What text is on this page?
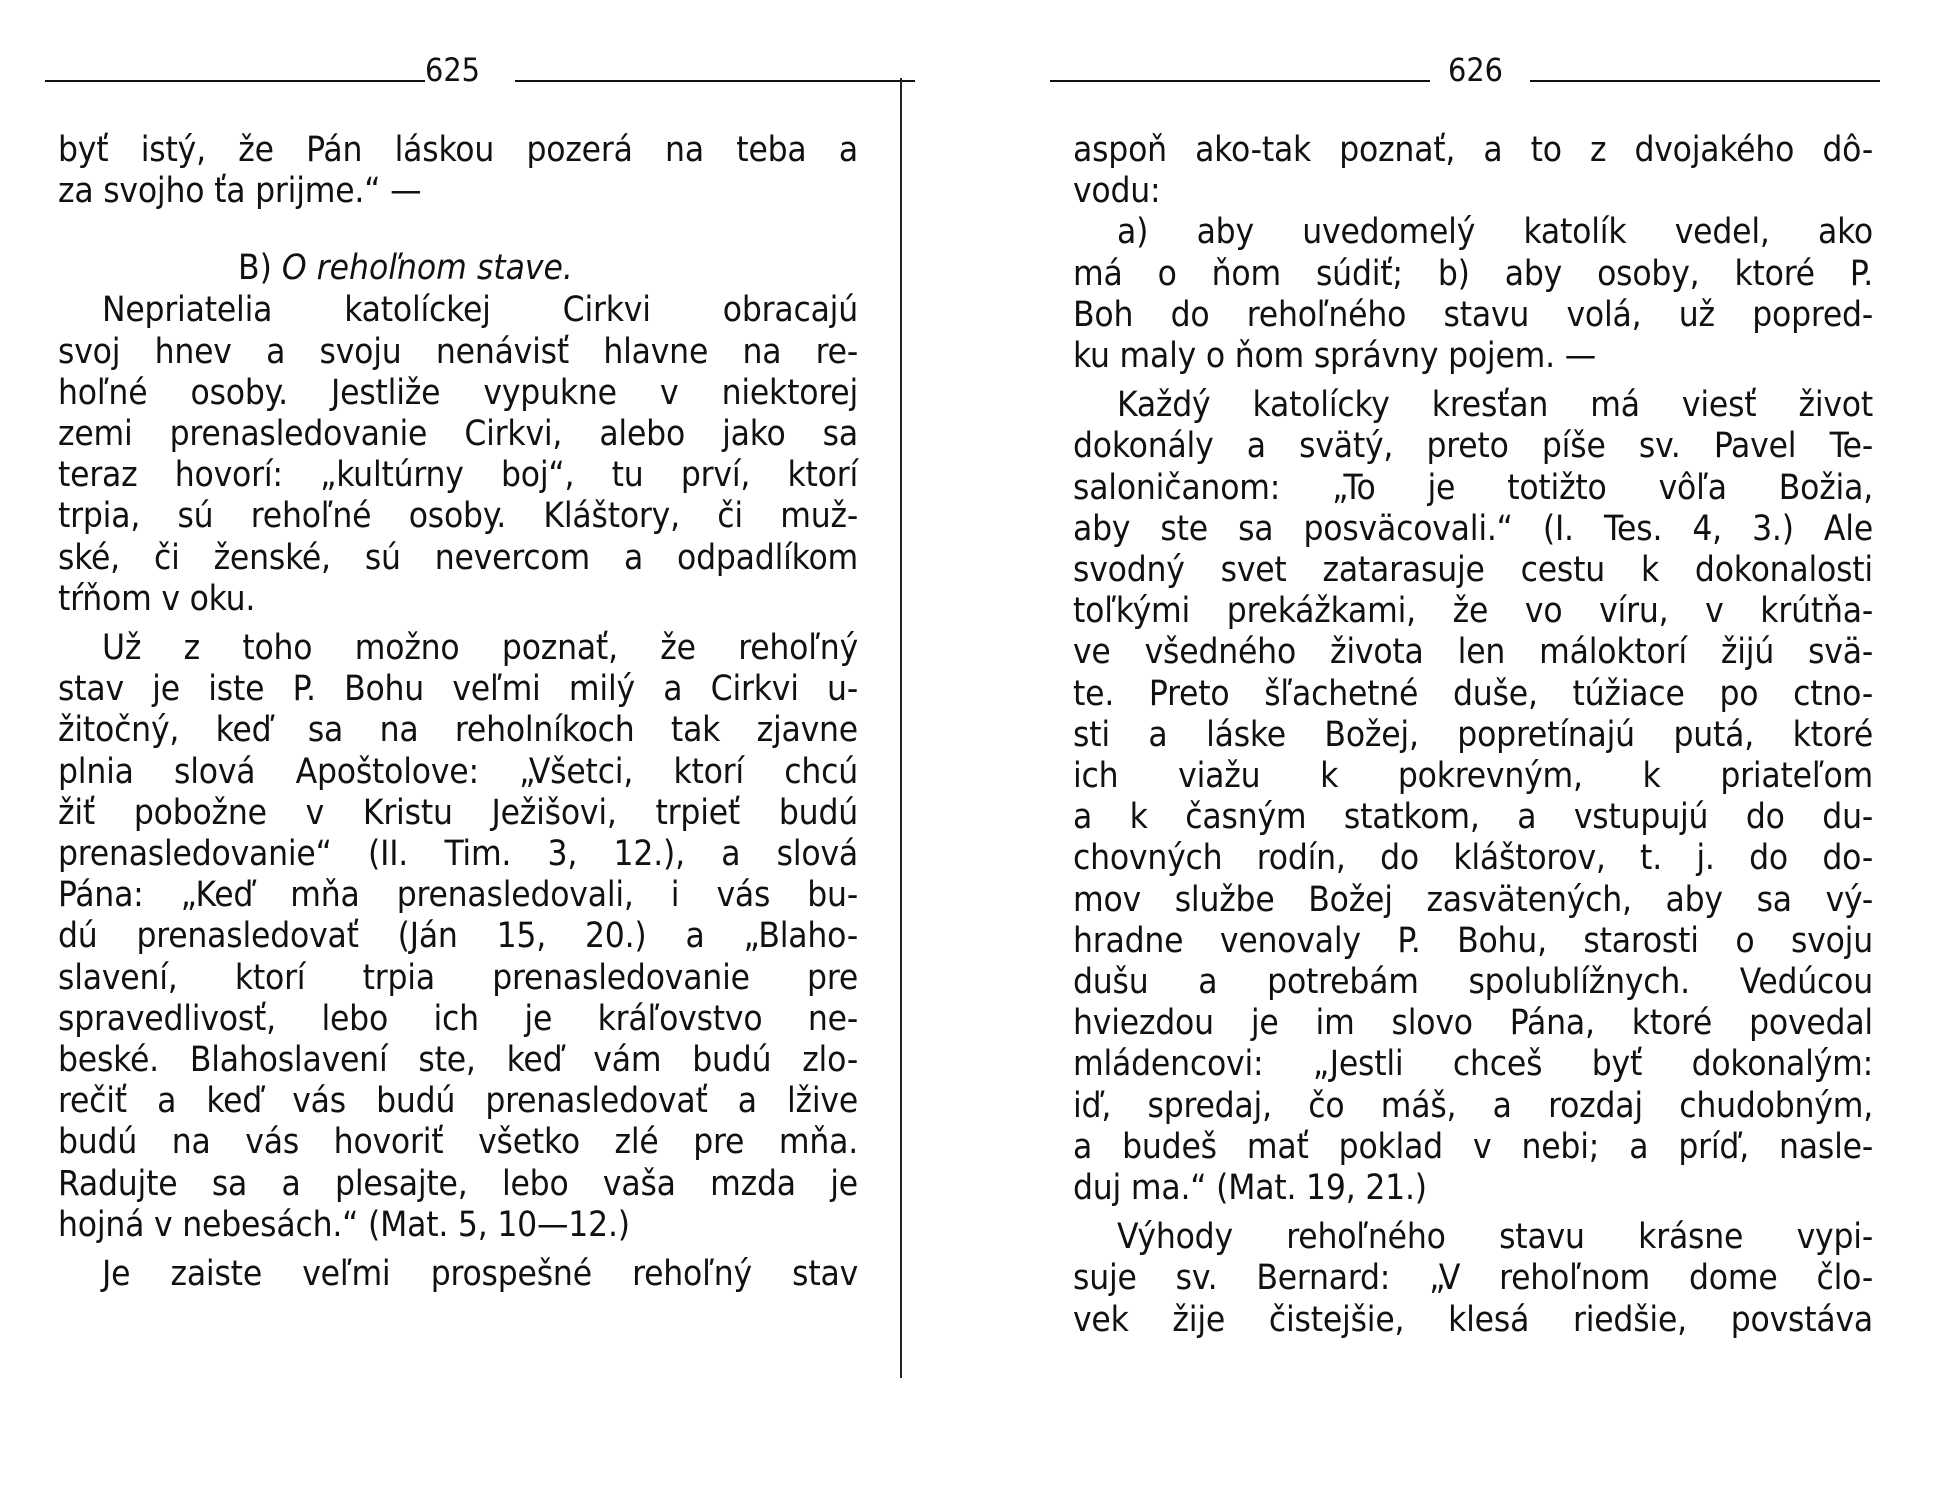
625	626
byť istý, že Pán láskou pozerá na teba a
za svojho ťa prijme.“ —
B) O rehoľnom stave.
Nepriatelia katolíckej Cirkvi obracajú
svoj hnev a svoju nenávisť hlavne na re-
hoľné osoby. Jestliže vypukne v niektorej
zemi prenasledovanie Cirkvi, alebo jako sa
teraz hovorí: „kultúrny boj“, tu prví, ktorí
trpia, sú rehoľné osoby. Kláštory, či muž-
ské, či ženské, sú nevercom a odpadlíkom
tŕňom v oku.
Už z toho možno poznať, že rehoľný
stav je iste P. Bohu veľmi milý a Cirkvi u-
žitočný, keď sa na reholníkoch tak zjavne
plnia slová Apoštolove: „Všetci, ktorí chcú
žiť pobožne v Kristu Ježišovi, trpieť budú
prenasledovanie“ (II. Tim. 3, 12.), a slová
Pána: „Keď mňa prenasledovali, i vás bu-
dú prenasledovať (Ján 15, 20.) a „Blaho-
slavení, ktorí trpia prenasledovanie pre
spravedlivosť, lebo ich je kráľovstvo ne-
beské. Blahoslavení ste, keď vám budú zlo-
rečiť a keď vás budú prenasledovať a lžive
budú na vás hovoriť všetko zlé pre mňa.
Radujte sa a plesajte, lebo vaša mzda je
hojná v nebesách.“ (Mat. 5, 10—12.)
Je zaiste veľmi prospešné rehoľný stav
aspoň ako-tak poznať, a to z dvojakého dô-
vodu:
a) aby uvedomelý katolík vedel, ako
má o ňom súdiť; b) aby osoby, ktoré P.
Boh do rehoľného stavu volá, už popred-
ku maly o ňom správny pojem. —
Každý katolícky kresťan má viesť život
dokonály a svätý, preto píše sv. Pavel Te-
saloničanom: „To je totižto vôľa Božia,
aby ste sa posväcovali.“ (I. Tes. 4, 3.) Ale
svodný svet zatarasuje cestu k dokonalosti
toľkými prekážkami, že vo víru, v krútňa-
ve všedného života len máloktorí žijú svä-
te. Preto šľachetné duše, túžiace po ctno-
sti a láske Božej, popretínajú putá, ktoré
ich viažu k pokrevným, k priateľom
a k časným statkom, a vstupujú do du-
chovných rodín, do kláštorov, t. j. do do-
mov službe Božej zasvätených, aby sa vý-
hradne venovaly P. Bohu, starosti o svoju
dušu a potrebám spolublížnych. Vedúcou
hviezdou je im slovo Pána, ktoré povedal
mládencovi: „Jestli chceš byť dokonalým:
iď, spredaj, čo máš, a rozdaj chudobným,
a budeš mať poklad v nebi; a príď, nasle-
duj ma.“ (Mat. 19, 21.)
Výhody rehoľného stavu krásne vypi-
suje sv. Bernard: „V rehoľnom dome člo-
vek žije čistejšie, klesá riedšie, povstáva
